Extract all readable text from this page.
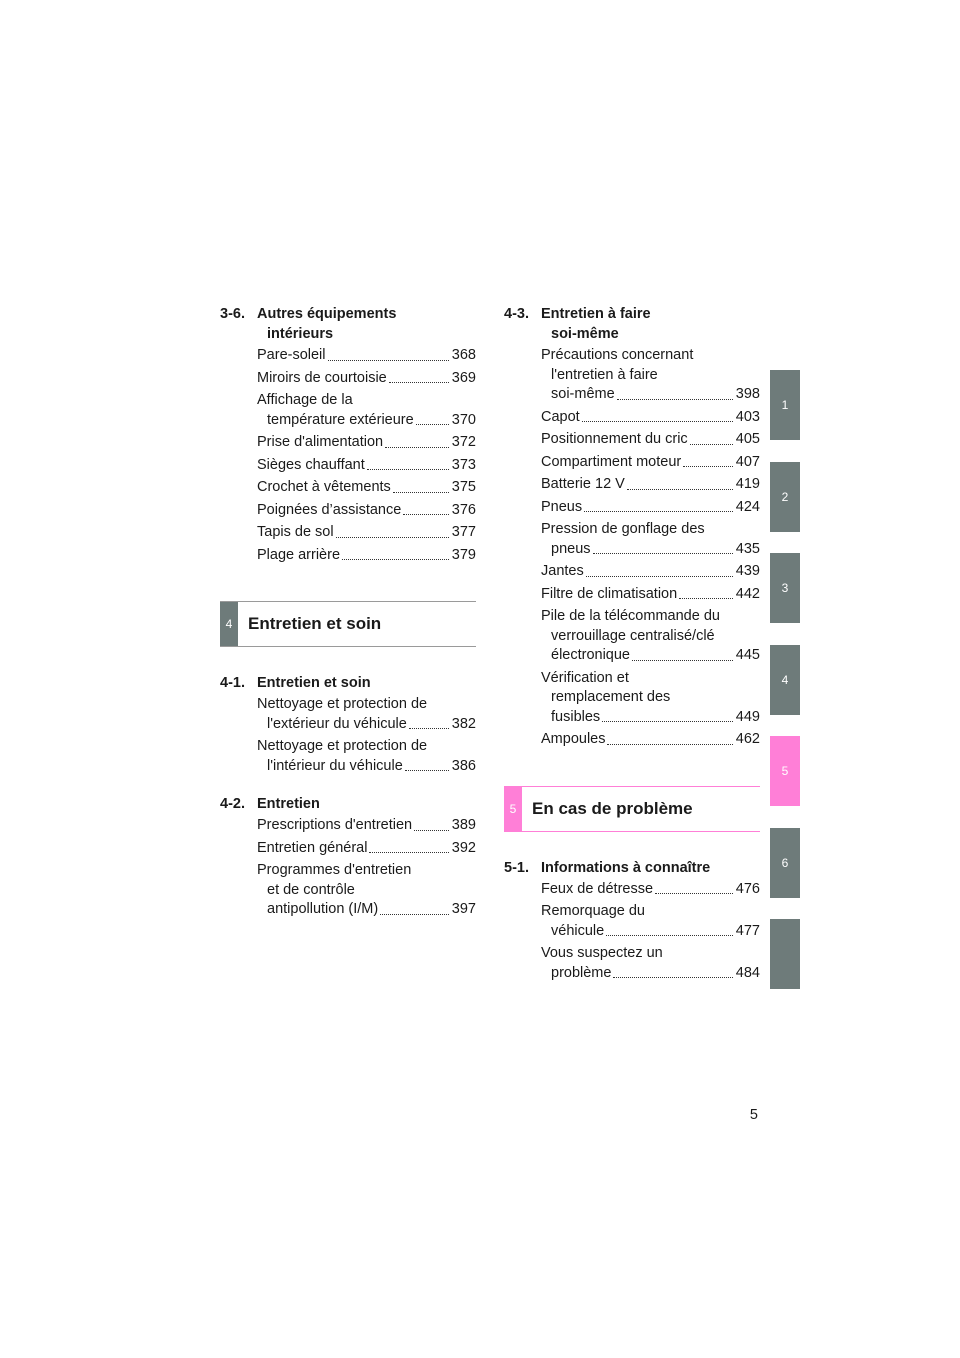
3-6. Autres équipements
intérieurs
Pare-soleil	368
Miroirs de courtoisie	369
Affichage de la
température extérieure	370
Prise d'alimentation	372
Sièges chauffant	373
Crochet à vêtements	375
Poignées d’assistance	376
Tapis de sol	377
Plage arrière	379
4 Entretien et soin
4-1. Entretien et soin
Nettoyage et protection de
l'extérieur du véhicule	382
Nettoyage et protection de
l'intérieur du véhicule	386
4-2. Entretien
Prescriptions d'entretien	389
Entretien général	392
Programmes d'entretien
et de contrôle
antipollution (I/M)	397
4-3. Entretien à faire
soi-même
Précautions concernant
l'entretien à faire
soi-même	398
Capot	403
Positionnement du cric	405
Compartiment moteur	407
Batterie 12 V	419
Pneus	424
Pression de gonflage des
pneus	435
Jantes	439
Filtre de climatisation	442
Pile de la télécommande du
verrouillage centralisé/clé
électronique	445
Vérification et
remplacement des
fusibles	449
Ampoules	462
5 En cas de problème
5-1. Informations à connaître
Feux de détresse	476
Remorquage du
véhicule	477
Vous suspectez un
problème	484
1
2
3
4
5
6
5
